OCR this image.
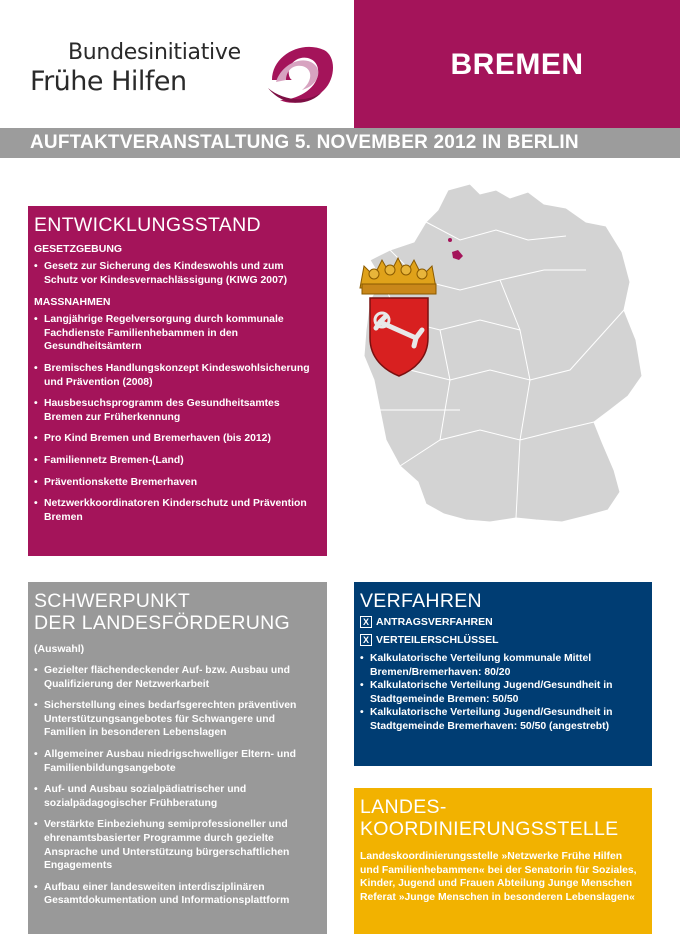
Bundesinitiative
Frühe Hilfen
BREMEN
AUFTAKTVERANSTALTUNG 5. NOVEMBER 2012 IN BERLIN
ENTWICKLUNGSSTAND
GESETZGEBUNG
• Gesetz zur Sicherung des Kindeswohls und zum Schutz vor Kindesvernachlässigung (KIWG 2007)
MASSNAHMEN
• Langjährige Regelversorgung durch kommunale Fachdienste Familienhebammen in den Gesundheitsämtern
• Bremisches Handlungskonzept Kindeswohlsicherung und Prävention (2008)
• Hausbesuchsprogramm des Gesundheitsamtes Bremen zur Früherkennung
• Pro Kind Bremen und Bremerhaven (bis 2012)
• Familiennetz Bremen-(Land)
• Präventionskette Bremerhaven
• Netzwerkkoordinatoren Kinderschutz und Prävention Bremen
SCHWERPUNKT
DER LANDESFÖRDERUNG
(Auswahl)
• Gezielter flächendeckender Auf- bzw. Ausbau und Qualifizierung der Netzwerkarbeit
• Sicherstellung eines bedarfsgerechten präventiven Unterstützungsangebotes für Schwangere und Familien in besonderen Lebenslagen
• Allgemeiner Ausbau niedrigschwelliger Eltern- und Familienbildungsangebote
• Auf- und Ausbau sozialpädiatrischer und sozialpädagogischer Frühberatung
• Verstärkte Einbeziehung semiprofessioneller und ehrenamtsbasierter Programme durch gezielte Ansprache und Unterstützung bürgerschaftlichen Engagements
• Aufbau einer landesweiten interdisziplinären Gesamtdokumentation und Informationsplattform
VERFAHREN
X ANTRAGSVERFAHREN
X VERTEILERSCHLÜSSEL
• Kalkulatorische Verteilung kommunale Mittel Bremen/Bremerhaven: 80/20
• Kalkulatorische Verteilung Jugend/Gesundheit in Stadtgemeinde Bremen: 50/50
• Kalkulatorische Verteilung Jugend/Gesundheit in Stadtgemeinde Bremerhaven: 50/50 (angestrebt)
LANDES-
KOORDINIERUNGSSTELLE
Landeskoordinierungsstelle »Netzwerke Frühe Hilfen und Familienhebammen« bei der Senatorin für Soziales, Kinder, Jugend und Frauen Abteilung Junge Menschen
Referat »Junge Menschen in besonderen Lebenslagen«
